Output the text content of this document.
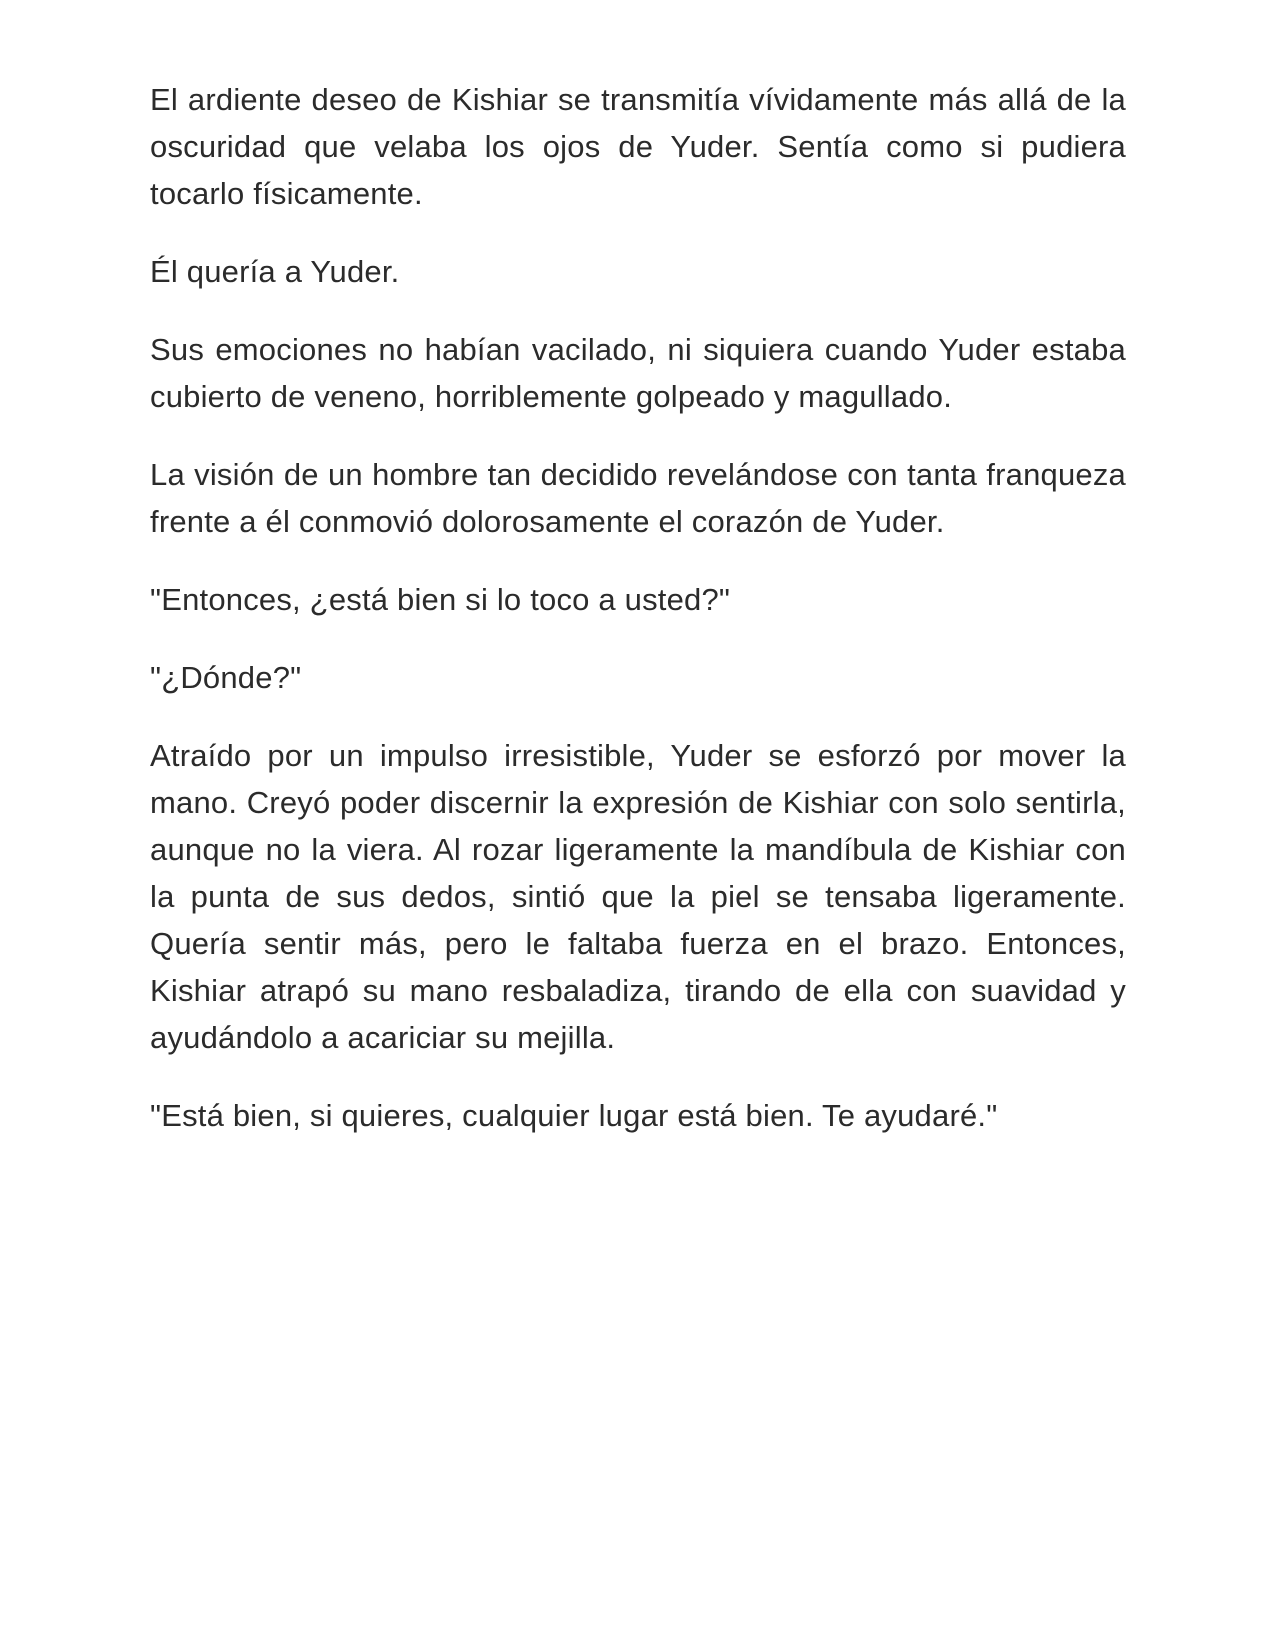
El ardiente deseo de Kishiar se transmitía vívidamente más allá de la oscuridad que velaba los ojos de Yuder. Sentía como si pudiera tocarlo físicamente.

Él quería a Yuder.

Sus emociones no habían vacilado, ni siquiera cuando Yuder estaba cubierto de veneno, horriblemente golpeado y magullado.

La visión de un hombre tan decidido revelándose con tanta franqueza frente a él conmovió dolorosamente el corazón de Yuder.

"Entonces, ¿está bien si lo toco a usted?"

"¿Dónde?"

Atraído por un impulso irresistible, Yuder se esforzó por mover la mano. Creyó poder discernir la expresión de Kishiar con solo sentirla, aunque no la viera. Al rozar ligeramente la mandíbula de Kishiar con la punta de sus dedos, sintió que la piel se tensaba ligeramente. Quería sentir más, pero le faltaba fuerza en el brazo. Entonces, Kishiar atrapó su mano resbaladiza, tirando de ella con suavidad y ayudándolo a acariciar su mejilla.

"Está bien, si quieres, cualquier lugar está bien. Te ayudaré."
